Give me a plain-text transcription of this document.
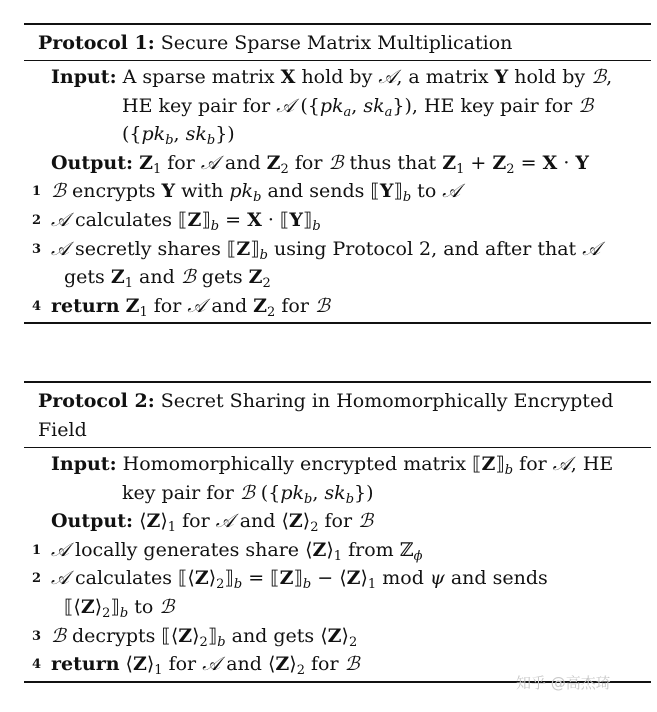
Protocol 1: Secure Sparse Matrix Multiplication
Input: A sparse matrix X hold by 𝒜, a matrix Y hold by ℬ,
HE key pair for 𝒜 ({$pk_a$, $sk_a$}), HE key pair for ℬ
({$pk_b$, $sk_b$})
Output: $Z_1$ for 𝒜 and $Z_2$ for ℬ thus that $Z_1 + Z_2 = X \cdot Y$
1 ℬ encrypts Y with $pk_b$ and sends $⟦Y⟧_b$ to 𝒜
2 𝒜 calculates $⟦Z⟧_b = X$ · $⟦Y⟧_b$
3 𝒜 secretly shares $⟦Z⟧_b$ using Protocol 2, and after that 𝒜
gets $Z_1$ and ℬ gets $Z_2$
4 return $Z_1$ for 𝒜 and $Z_2$ for ℬ
Protocol 2: Secret Sharing in Homomorphically Encrypted
Field
Input: Homomorphically encrypted matrix $⟦Z⟧_b$ for 𝒜, HE
key pair for ℬ ({$pk_b$, $sk_b$})
Output: $⟨Z⟩_1$ for 𝒜 and $⟨Z⟩_2$ for ℬ
1 𝒜 locally generates share $⟨Z⟩_1$ from ℤ$_\phi$
2 𝒜 calculates $⟦⟨Z⟩_2⟧_b$ = $⟦Z⟧_b$ − $⟨Z⟩_1$ mod ψ and sends
$⟦⟨Z⟩_2⟧_b$ to ℬ
3 ℬ decrypts $⟦⟨Z⟩_2⟧_b$ and gets $⟨Z⟩_2$
4 return $⟨Z⟩_1$ for 𝒜 and $⟨Z⟩_2$ for ℬ
知乎 @高杰琦
